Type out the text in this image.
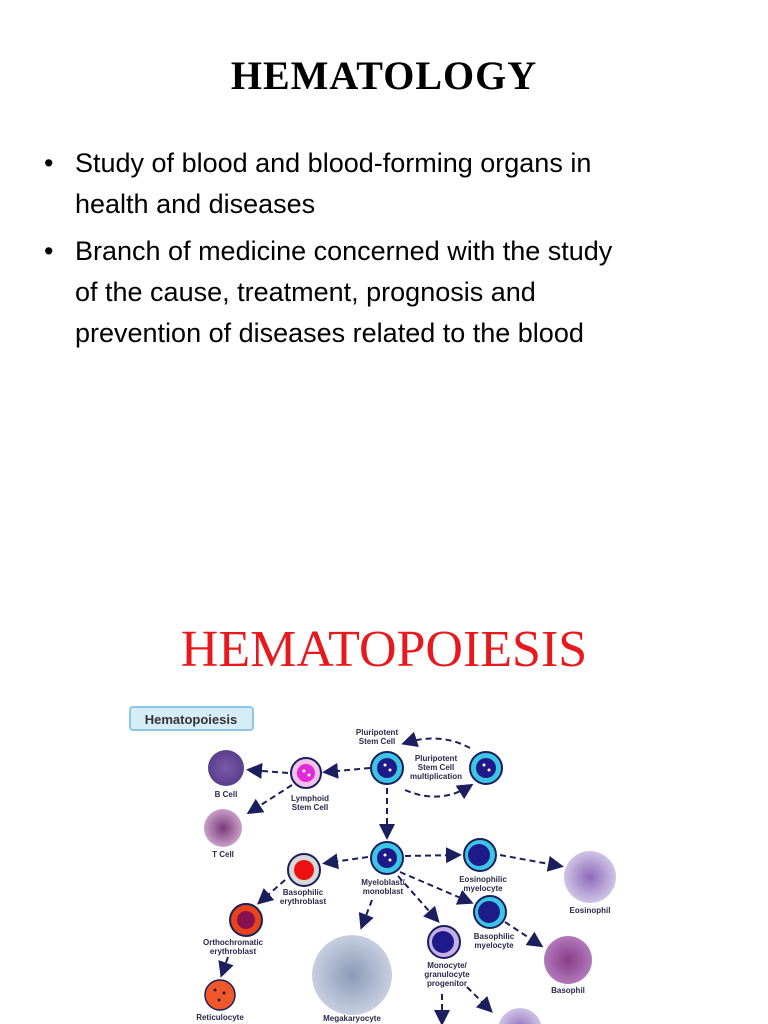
HEMATOLOGY
• Study of blood and blood-forming organs in
health and diseases
• Branch of medicine concerned with the study
of the cause, treatment, prognosis and
prevention of diseases related to the blood
HEMATOPOIESIS
Hematopoiesis
Pluripotent Stem Cell
Pluripotent Stem Cell multiplication
B Cell
T Cell
Lymphoid Stem Cell
Myeloblast/ monoblast
Basophilic erythroblast
Orthochromatic erythroblast
Reticulocyte	Megakaryocyte
Eosinophilic myelocyte
Basophilic myelocyte
Monocyte/ granulocyte progenitor
Eosinophil
Basophil
